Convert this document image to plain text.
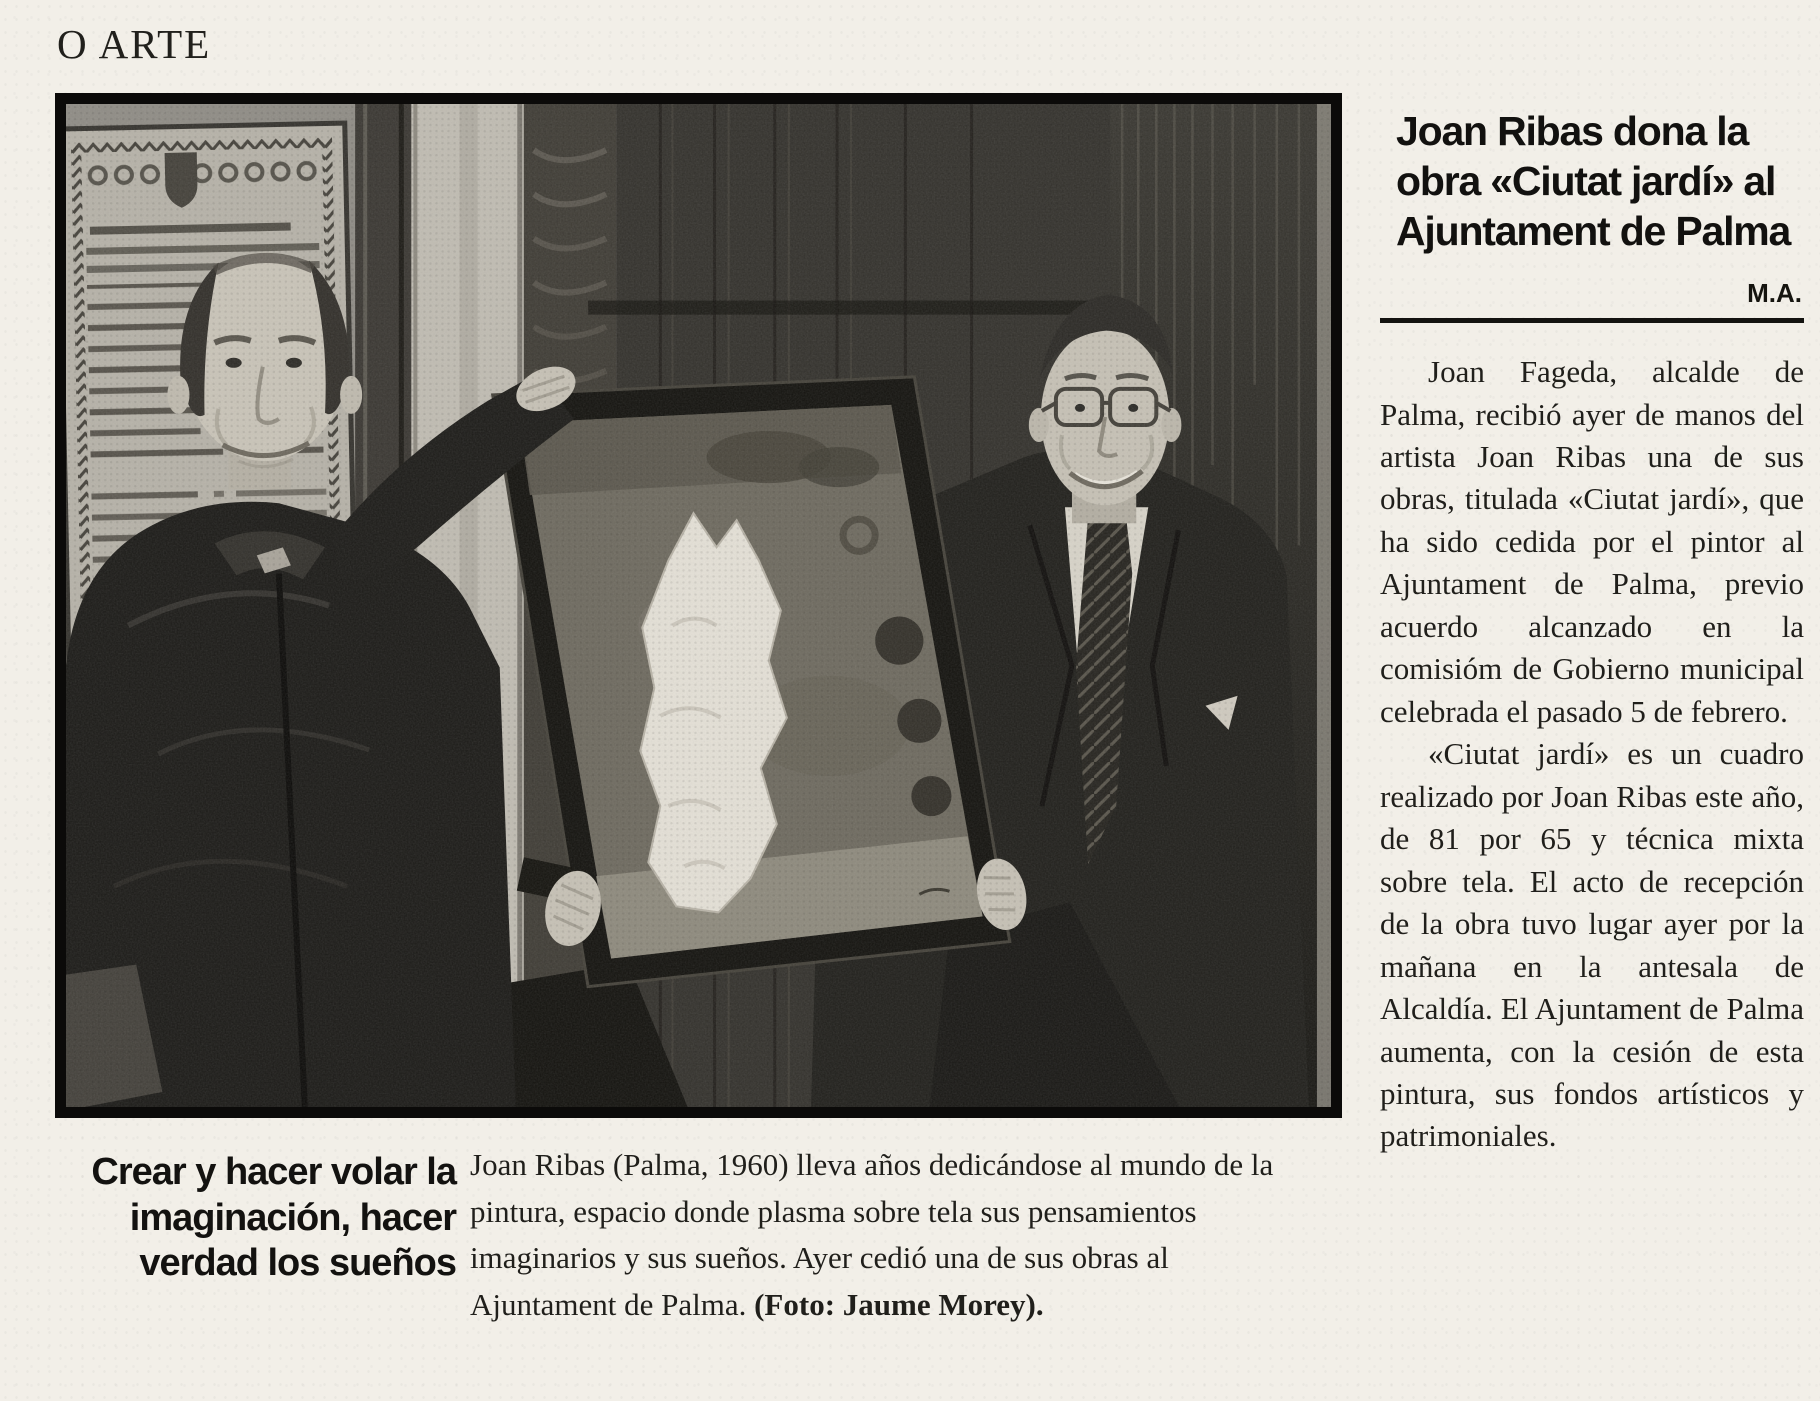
O ARTE
Joan Ribas dona la obra «Ciutat jardí» al Ajuntament de Palma
M.A.

Joan Fageda, alcalde de Palma, recibió ayer de manos del artista Joan Ribas una de sus obras, titulada «Ciutat jardí», que ha sido cedida por el pintor al Ajuntament de Palma, previo acuerdo alcanzado en la comisióm de Gobierno municipal celebrada el pasado 5 de febrero.

«Ciutat jardí» es un cuadro realizado por Joan Ribas este año, de 81 por 65 y técnica mixta sobre tela. El acto de recepción de la obra tuvo lugar ayer por la mañana en la antesala de Alcaldía. El Ajuntament de Palma aumenta, con la cesión de esta pintura, sus fondos artísticos y patrimoniales.

Crear y hacer volar la imaginación, hacer verdad los sueños
Joan Ribas (Palma, 1960) lleva años dedicándose al mundo de la pintura, espacio donde plasma sobre tela sus pensamientos imaginarios y sus sueños. Ayer cedió una de sus obras al Ajuntament de Palma. (Foto: Jaume Morey).
